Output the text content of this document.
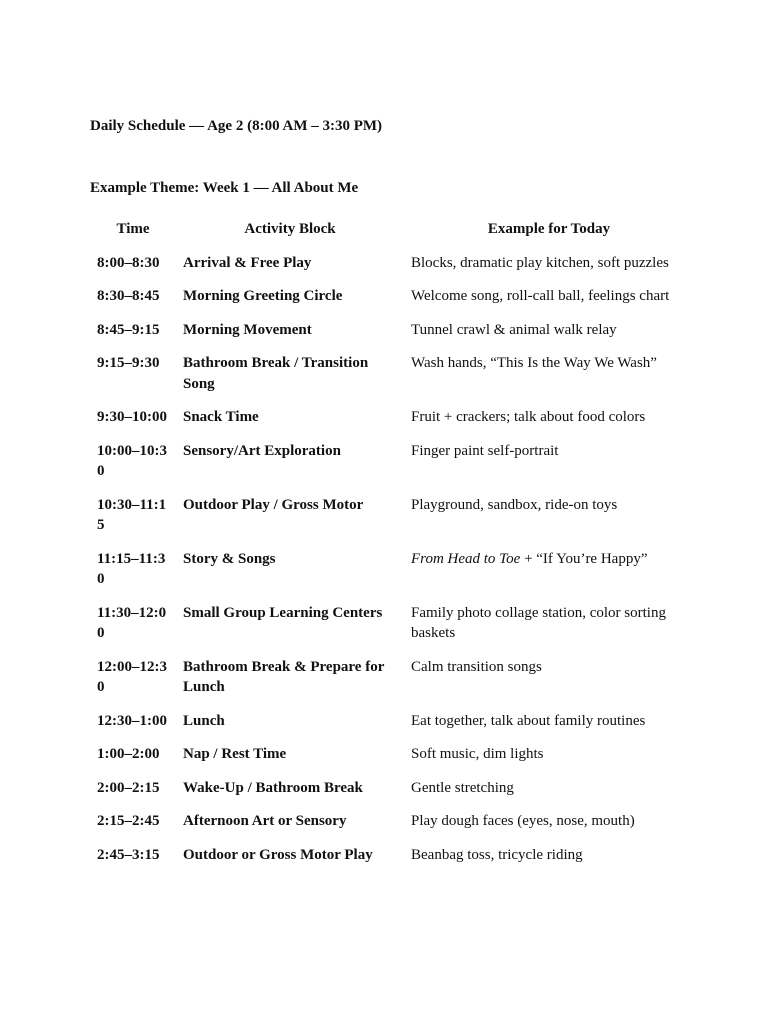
Daily Schedule — Age 2 (8:00 AM – 3:30 PM)
Example Theme: Week 1 — All About Me
Time	Activity Block	Example for Today
8:00–8:30	Arrival & Free Play	Blocks, dramatic play kitchen, soft puzzles
8:30–8:45	Morning Greeting Circle	Welcome song, roll-call ball, feelings chart
8:45–9:15	Morning Movement	Tunnel crawl & animal walk relay
9:15–9:30	Bathroom Break / Transition Song	Wash hands, “This Is the Way We Wash”
9:30–10:00	Snack Time	Fruit + crackers; talk about food colors
10:00–10:30	Sensory/Art Exploration	Finger paint self-portrait
10:30–11:15	Outdoor Play / Gross Motor	Playground, sandbox, ride-on toys
11:15–11:30	Story & Songs	From Head to Toe + “If You’re Happy”
11:30–12:00	Small Group Learning Centers	Family photo collage station, color sorting baskets
12:00–12:30	Bathroom Break & Prepare for Lunch	Calm transition songs
12:30–1:00	Lunch	Eat together, talk about family routines
1:00–2:00	Nap / Rest Time	Soft music, dim lights
2:00–2:15	Wake-Up / Bathroom Break	Gentle stretching
2:15–2:45	Afternoon Art or Sensory	Play dough faces (eyes, nose, mouth)
2:45–3:15	Outdoor or Gross Motor Play	Beanbag toss, tricycle riding
